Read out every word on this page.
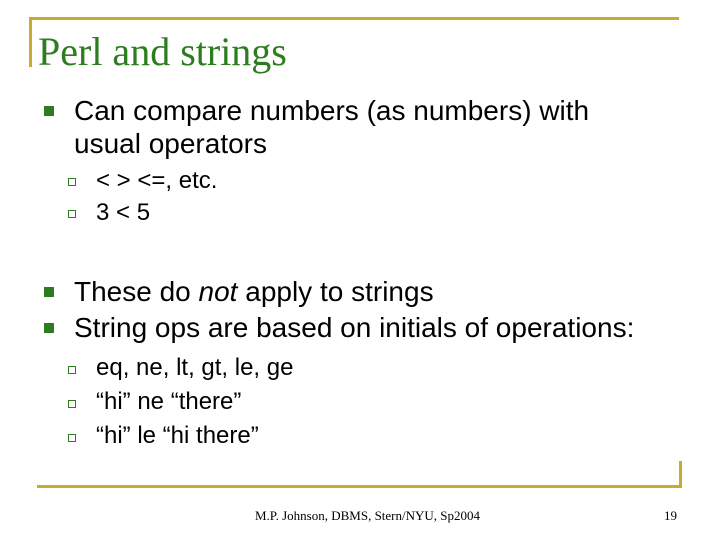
Perl and strings
Can compare numbers (as numbers) with
usual operators
< > <=, etc.
3 < 5
These do not apply to strings
String ops are based on initials of operations:
eq, ne, lt, gt, le, ge
“hi” ne “there”
“hi” le “hi there”
M.P. Johnson, DBMS, Stern/NYU, Sp2004	19
